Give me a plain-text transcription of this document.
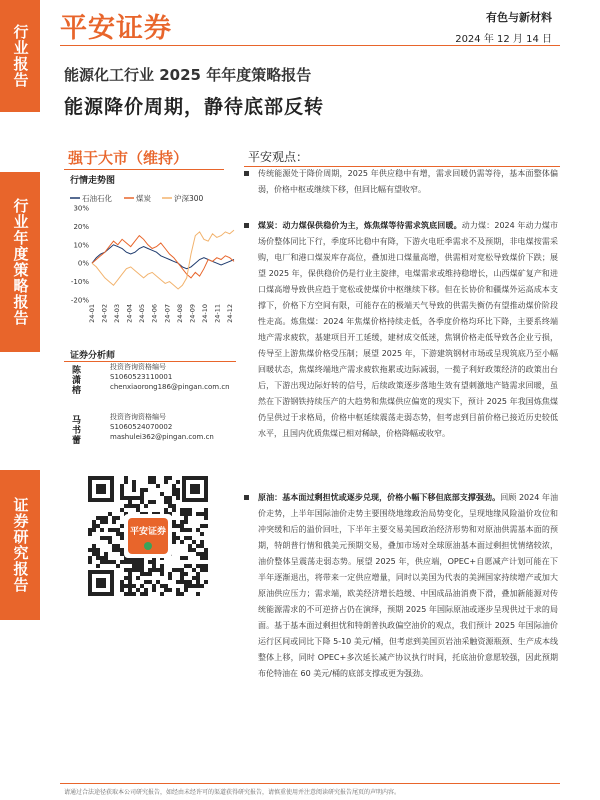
行业报告
行业年度策略报告
证券研究报告
平安证券	有色与新材料
2024 年 12 月 14 日
能源化工行业 2025 年年度策略报告
能源降价周期，静待底部反转
强于大市（维持）
行情走势图
石油石化	煤炭	沪深300
30%
20%
10%
0%
-10%
-20%
24-01 24-02 24-03 24-04 24-05 24-06 24-07 24-08 24-09 24-10 24-11 24-12
证券分析师
陈潇榕
投资咨询资格编号
S1060523110001
chenxiaorong186@pingan.com.cn
马书蕾
投资咨询资格编号
S1060524070002
mashulei362@pingan.com.cn
平安证券
平安观点：
传统能源处于降价周期，2025 年供应稳中有增，需求回暖仍需等待，基本面整体偏弱，价格中枢或继续下移，但回比幅有望收窄。
煤炭：动力煤保供稳价为主，炼焦煤等待需求筑底回暖。动力煤：2024 年动力煤市场价整体同比下行，季度环比稳中有降，下游火电旺季需求不及预期，非电煤按需采购，电厂和港口煤炭库存高位，叠加进口煤量高增，供需相对宽松导致煤价下跌；展望 2025 年，保供稳价仍是行业主旋律，电煤需求或维持稳增长，山西煤矿复产和进口煤高增导致供应趋于宽松或使煤价中枢继续下移。但在长协价和疆煤外运高成本支撑下，价格下方空间有限，可能存在的极端天气导致的供需失衡仍有望推动煤价阶段性走高。炼焦煤：2024 年焦煤价格持续走低，各季度价格均环比下降，主要系终端地产需求疲软，基建项目开工延缓，建材成交低迷，焦钢价格走低导致各企业亏损，传导至上游焦煤价格受压制；展望 2025 年，下游建筑钢材市场或呈现筑底乃至小幅回暖状态，焦煤终端地产需求疲软拖累或边际减弱，一揽子利好政策经济的政策出台后，下游出现边际好转的信号，后续政策逐步落地生效有望刺激地产链需求回暖，虽然在下游钢铁持续压产的大趋势和焦煤供应偏宽的现实下，预计 2025 年我国炼焦煤仍呈供过于求格局，价格中枢延续震荡走弱态势，但考虑到目前价格已接近历史较低水平，且国内优质焦煤已相对稀缺，价格降幅或收窄。
原油：基本面过剩担忧或逐步兑现，价格小幅下移但底部支撑强劲。回顾 2024 年油价走势，上半年国际油价走势主要围绕地缘政治局势变化，呈现地缘风险溢价攻位和冲突缓和后的溢价回吐，下半年主要交易美国政治经济形势和对原油供需基本面的预期，特朗普行情和俄美元预期交易，叠加市场对全球原油基本面过剩担忧情绪较浓，油价整体呈震荡走弱态势。展望 2025 年，供应端，OPEC+自愿减产计划可能在下半年逐渐退出，将带来一定供应增量，同时以美国为代表的美洲国家持续增产或加大原油供应压力；需求端，欧美经济增长趋缓、中国成品油消费下滑，叠加新能源对传统能源需求的不可逆挤占仍在演绎，预期 2025 年国际原油或逐步呈现供过于求的局面。基于基本面过剩担忧和特朗普执政偏空油价的观点，我们预计 2025 年国际油价运行区间或同比下降 5-10 美元/桶，但考虑到美国页岩油采触资源瓶颈、生产成本线整体上移，同时 OPEC+多次延长减产协议执行时间，托底油价意愿较强，因此预期布伦特油在 60 美元/桶的底部支撑或更为强劲。
请通过合法途径获取本公司研究报告，如经由未经许可的渠道获得研究报告，请慎重使用并注意阅读研究报告尾页的声明内容。
